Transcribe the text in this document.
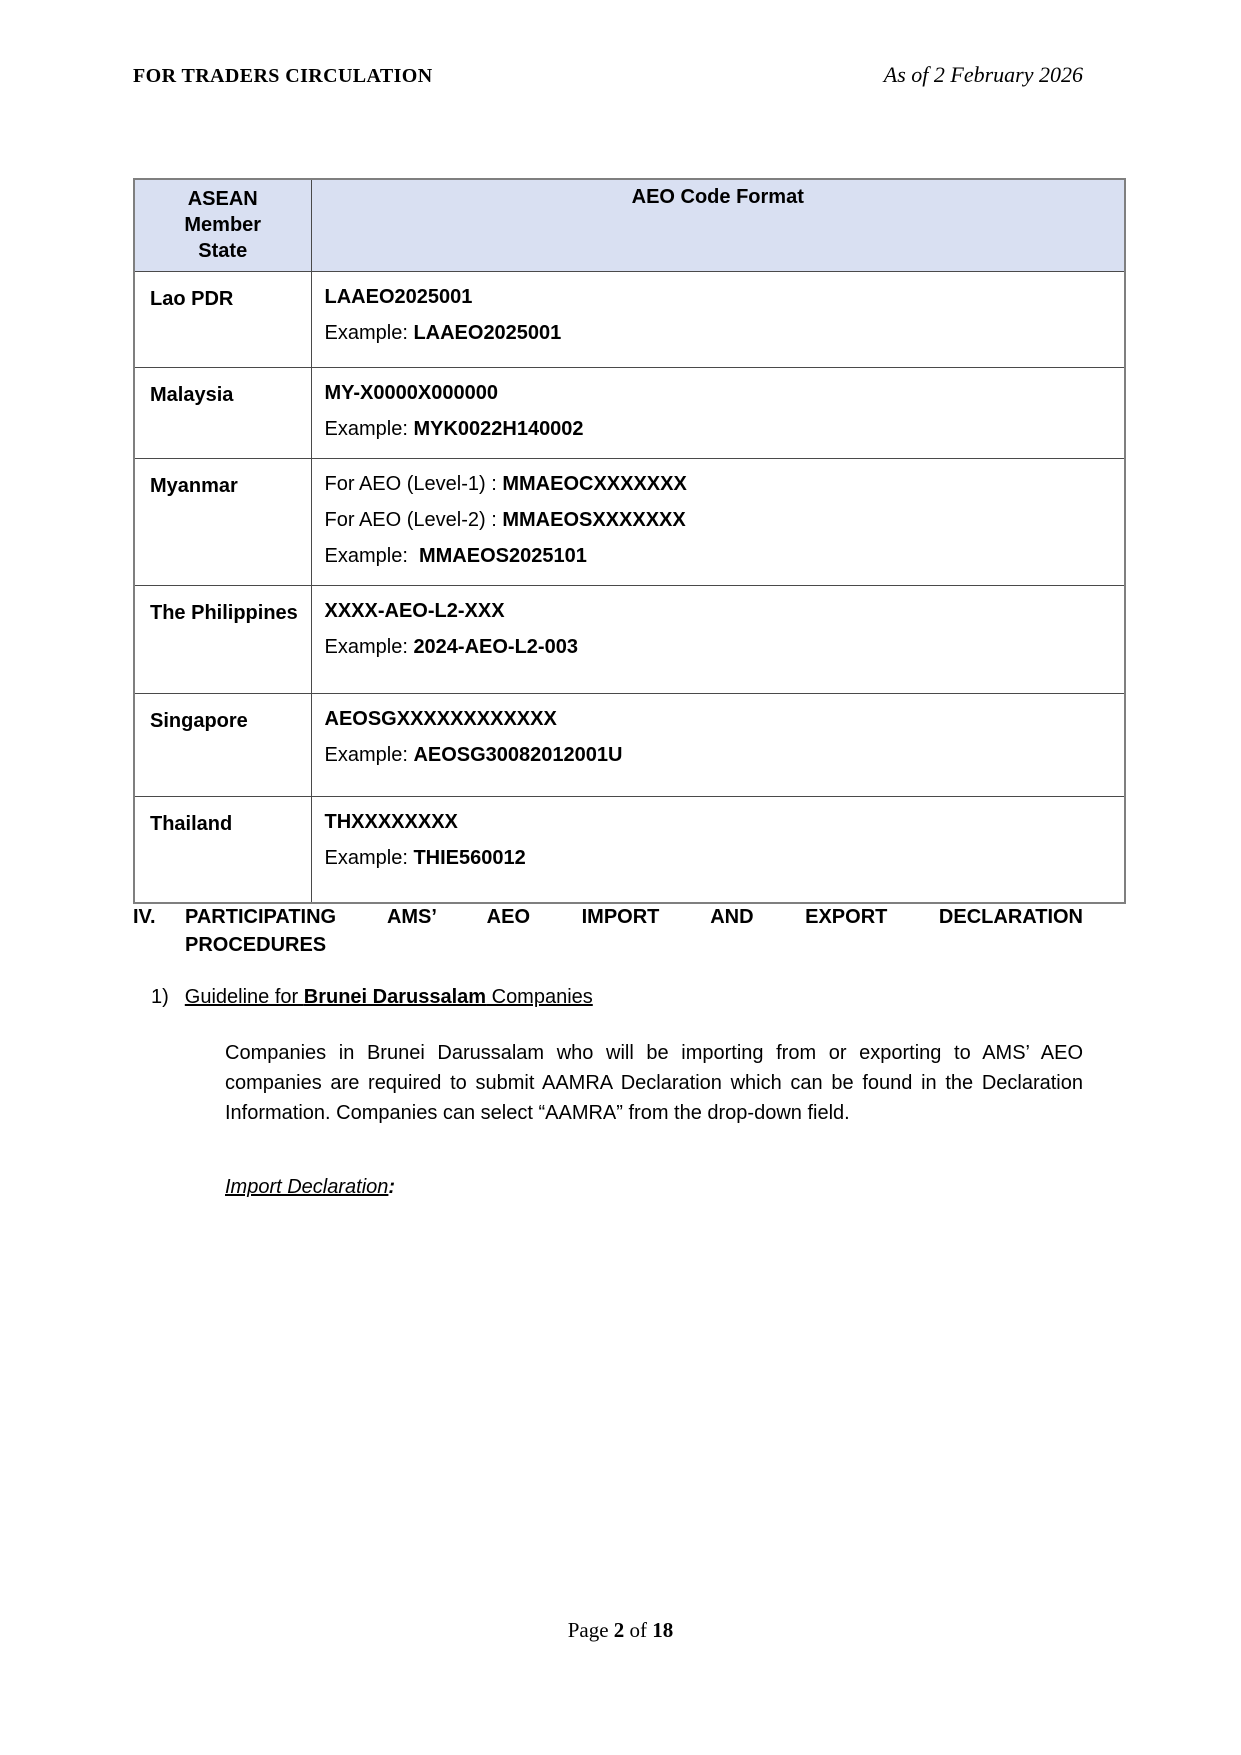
FOR TRADERS CIRCULATION	As of 2 February 2026
ASEAN Member State	AEO Code Format
Lao PDR	LAAEO2025001
Example: LAAEO2025001

Malaysia	MY-X0000X000000
Example: MYK0022H140002

Myanmar	For AEO (Level-1) : MMAEOCXXXXXXX
For AEO (Level-2) : MMAEOSXXXXXXX
Example:  MMAEOS2025101

The Philippines	XXXX-AEO-L2-XXX
Example: 2024-AEO-L2-003

Singapore	AEOSGXXXXXXXXXXXX
Example: AEOSG30082012001U

Thailand	THXXXXXXXX
Example: THIE560012
IV. PARTICIPATING AMS’ AEO IMPORT AND EXPORT DECLARATION
PROCEDURES
1) Guideline for Brunei Darussalam Companies
Companies in Brunei Darussalam who will be importing from or exporting to AMS’ AEO companies are required to submit AAMRA Declaration which can be found in the Declaration Information. Companies can select “AAMRA” from the drop-down field.
Import Declaration:
Page 2 of 18
